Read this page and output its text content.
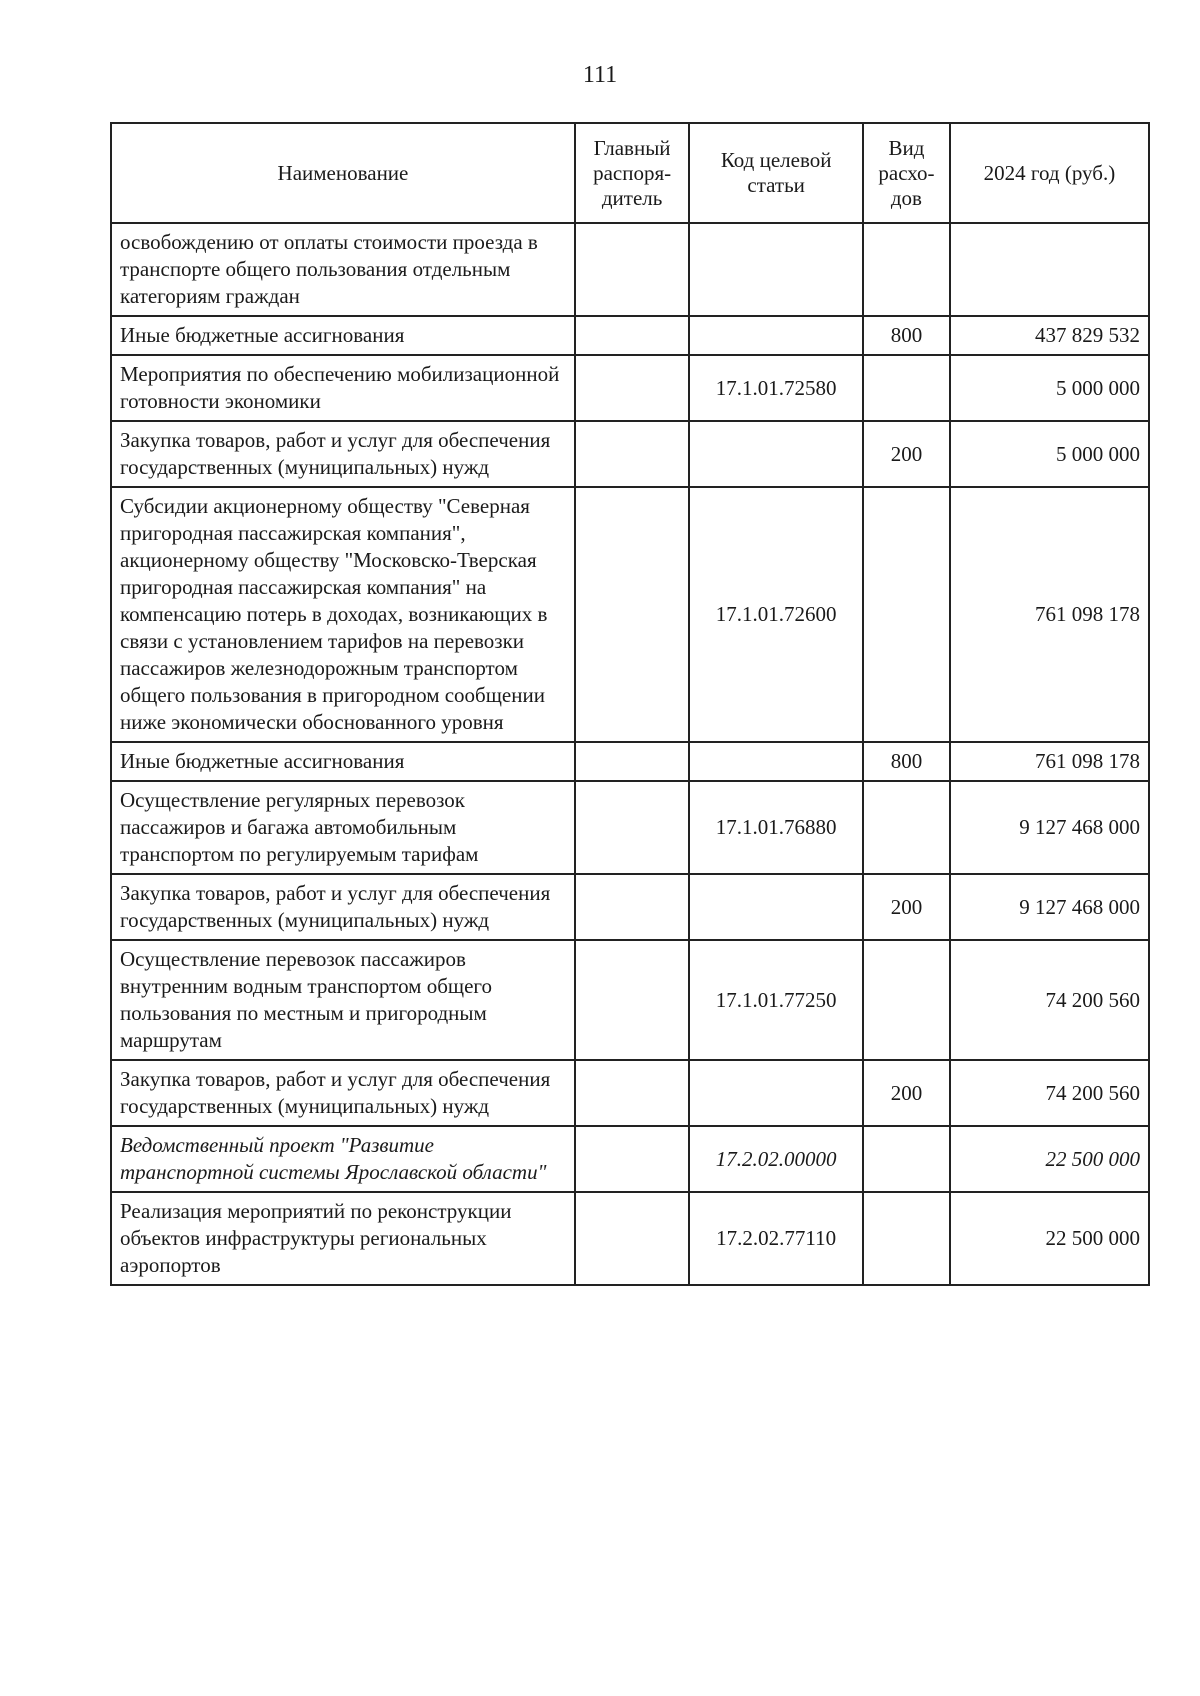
111
Наименование	Главный распоря-дитель	Код целевой статьи	Вид расхо-дов	2024 год (руб.)
освобождению от оплаты стоимости проезда в транспорте общего пользования отдельным категориям граждан				
Иные бюджетные ассигнования			800	437 829 532
Мероприятия по обеспечению мобилизационной готовности экономики		17.1.01.72580		5 000 000
Закупка товаров, работ и услуг для обеспечения государственных (муниципальных) нужд			200	5 000 000
Субсидии акционерному обществу "Северная пригородная пассажирская компания", акционерному обществу "Московско-Тверская пригородная пассажирская компания" на компенсацию потерь в доходах, возникающих в связи с установлением тарифов на перевозки пассажиров железнодорожным транспортом общего пользования в пригородном сообщении ниже экономически обоснованного уровня		17.1.01.72600		761 098 178
Иные бюджетные ассигнования			800	761 098 178
Осуществление регулярных перевозок пассажиров и багажа автомобильным транспортом по регулируемым тарифам		17.1.01.76880		9 127 468 000
Закупка товаров, работ и услуг для обеспечения государственных (муниципальных) нужд			200	9 127 468 000
Осуществление перевозок пассажиров внутренним водным транспортом общего пользования по местным и пригородным маршрутам		17.1.01.77250		74 200 560
Закупка товаров, работ и услуг для обеспечения государственных (муниципальных) нужд			200	74 200 560
Ведомственный проект "Развитие транспортной системы Ярославской области"		17.2.02.00000		22 500 000
Реализация мероприятий по реконструкции объектов инфраструктуры региональных аэропортов		17.2.02.77110		22 500 000
